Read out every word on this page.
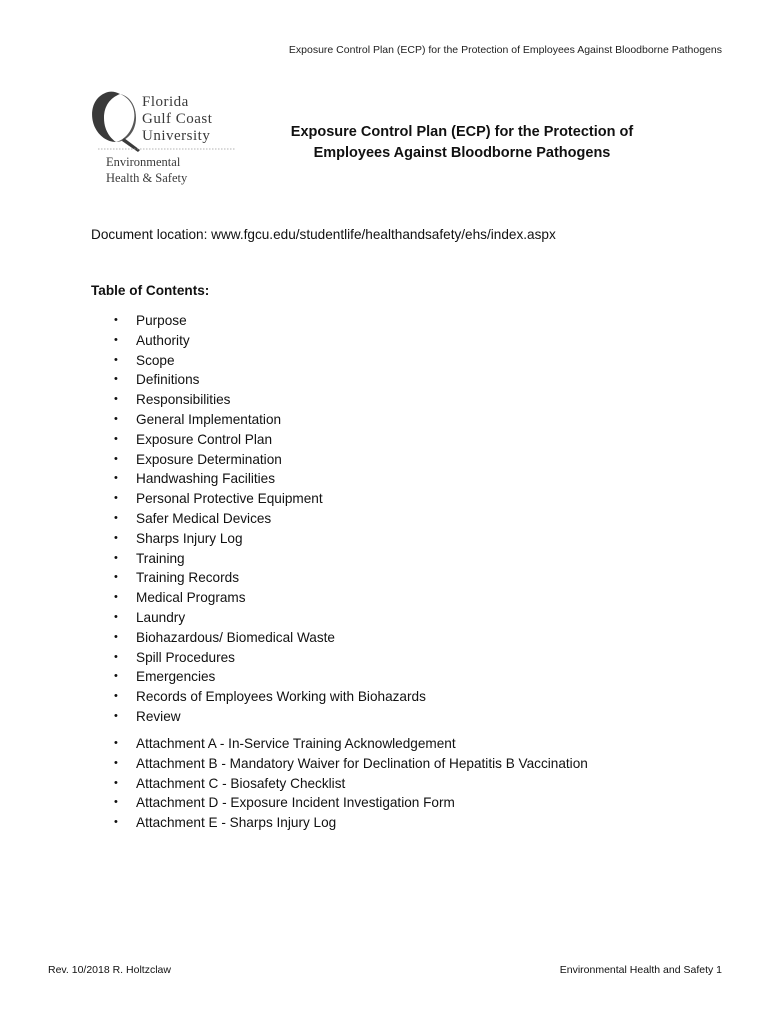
Exposure Control Plan (ECP) for the Protection of Employees Against Bloodborne Pathogens
Florida
Gulf Coast
University
Environmental
Health & Safety
Exposure Control Plan (ECP) for the Protection of
Employees Against Bloodborne Pathogens
Document location: www.fgcu.edu/studentlife/healthandsafety/ehs/index.aspx
Table of Contents:
• Purpose
• Authority
• Scope
• Definitions
• Responsibilities
• General Implementation
• Exposure Control Plan
• Exposure Determination
• Handwashing Facilities
• Personal Protective Equipment
• Safer Medical Devices
• Sharps Injury Log
• Training
• Training Records
• Medical Programs
• Laundry
• Biohazardous/ Biomedical Waste
• Spill Procedures
• Emergencies
• Records of Employees Working with Biohazards
• Review
• Attachment A - In-Service Training Acknowledgement
• Attachment B - Mandatory Waiver for Declination of Hepatitis B Vaccination
• Attachment C - Biosafety Checklist
• Attachment D - Exposure Incident Investigation Form
• Attachment E - Sharps Injury Log
Rev. 10/2018 R. Holtzclaw	Environmental Health and Safety 1
